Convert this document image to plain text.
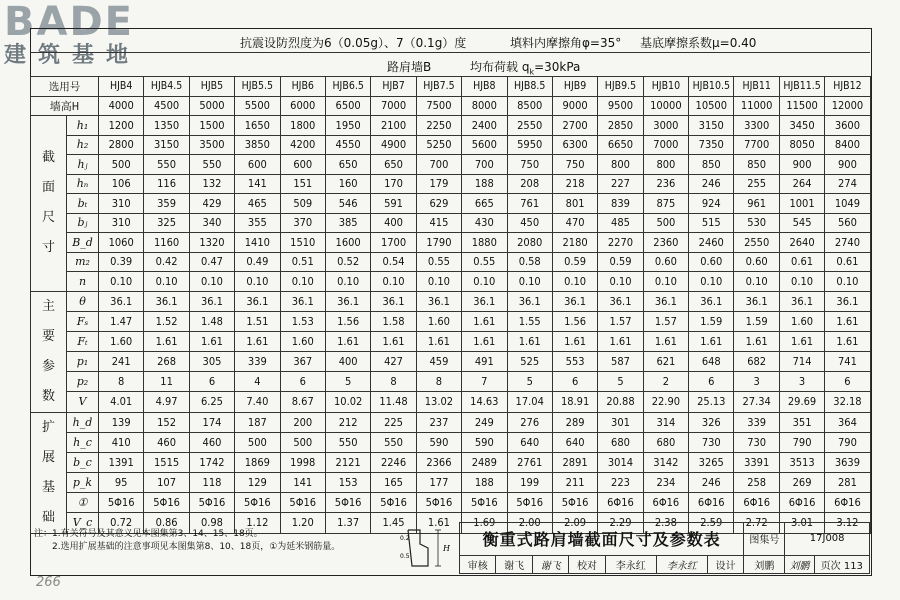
BADE
建筑基地	抗震设防烈度为6（0.05g）、7（0.1g）度	填料内摩擦角φ=35° 基底摩擦系数μ=0.40
路肩墙B	均布荷载 $q_k=30kPa$
选用号		HJB4	HJB4.5	HJB5	HJB5.5	HJB6	HJB6.5	HJB7	HJB7.5	HJB8	HJB8.5	HJB9	HJB9.5	HJB10	HJB10.5	HJB11	HJB11.5	HJB12
墙高H		4000	4500	5000	5500	6000	6500	7000	7500	8000	8500	9000	9500	10000	10500	11000	11500	12000
截
面
尺
寸	h₁	1200	1350	1500	1650	1800	1950	2100	2250	2400	2550	2700	2850	3000	3150	3300	3450	3600
	h₂	2800	3150	3500	3850	4200	4550	4900	5250	5600	5950	6300	6650	7000	7350	7700	8050	8400
	hⱼ	500	550	550	600	600	650	650	700	700	750	750	800	800	850	850	900	900
	hₙ	106	116	132	141	151	160	170	179	188	208	218	227	236	246	255	264	274
	bₜ	310	359	429	465	509	546	591	629	665	761	801	839	875	924	961	1001	1049
	bⱼ	310	325	340	355	370	385	400	415	430	450	470	485	500	515	530	545	560
	B_d	1060	1160	1320	1410	1510	1600	1700	1790	1880	2080	2180	2270	2360	2460	2550	2640	2740
	m₂	0.39	0.42	0.47	0.49	0.51	0.52	0.54	0.55	0.55	0.58	0.59	0.59	0.60	0.60	0.60	0.61	0.61
	n	0.10	0.10	0.10	0.10	0.10	0.10	0.10	0.10	0.10	0.10	0.10	0.10	0.10	0.10	0.10	0.10	0.10
主
要
参
数	θ	36.1	36.1	36.1	36.1	36.1	36.1	36.1	36.1	36.1	36.1	36.1	36.1	36.1	36.1	36.1	36.1	36.1
	Fₛ	1.47	1.52	1.48	1.51	1.53	1.56	1.58	1.60	1.61	1.55	1.56	1.57	1.57	1.59	1.59	1.60	1.61
	Fₜ	1.60	1.61	1.61	1.61	1.60	1.61	1.61	1.61	1.61	1.61	1.61	1.61	1.61	1.61	1.61	1.61	1.61
	p₁	241	268	305	339	367	400	427	459	491	525	553	587	621	648	682	714	741
	p₂	8	11	6	4	6	5	8	8	7	5	6	5	2	6	3	3	6
	V	4.01	4.97	6.25	7.40	8.67	10.02	11.48	13.02	14.63	17.04	18.91	20.88	22.90	25.13	27.34	29.69	32.18
扩
展
基
础	h_d	139	152	174	187	200	212	225	237	249	276	289	301	314	326	339	351	364
	h_c	410	460	460	500	500	550	550	590	590	640	640	680	680	730	730	790	790
	b_c	1391	1515	1742	1869	1998	2121	2246	2366	2489	2761	2891	3014	3142	3265	3391	3513	3639
	p_k	95	107	118	129	141	153	165	177	188	199	211	223	234	246	258	269	281
	①	5Φ16	5Φ16	5Φ16	5Φ16	5Φ16	5Φ16	5Φ16	5Φ16	5Φ16	5Φ16	5Φ16	6Φ16	6Φ16	6Φ16	6Φ16	6Φ16	6Φ16
	V_c	0.72	0.86	0.98	1.12	1.20	1.37	1.45	1.61	1.69	2.00	2.09	2.29	2.38	2.59	2.72	3.01	3.12
注：1.有关符号及其意义见本图集第3、14、15、18页。
　　2.选用扩展基础的注意事项见本图集第8、10、18页，①为延米钢筋量。	H
0.2
0.5
衡重式路肩墙截面尺寸及参数表							图集号	17J008	
审核	谢飞	谢飞	校对	李永红	李永红	设计	刘鹏	刘鹏	页次 113
266
